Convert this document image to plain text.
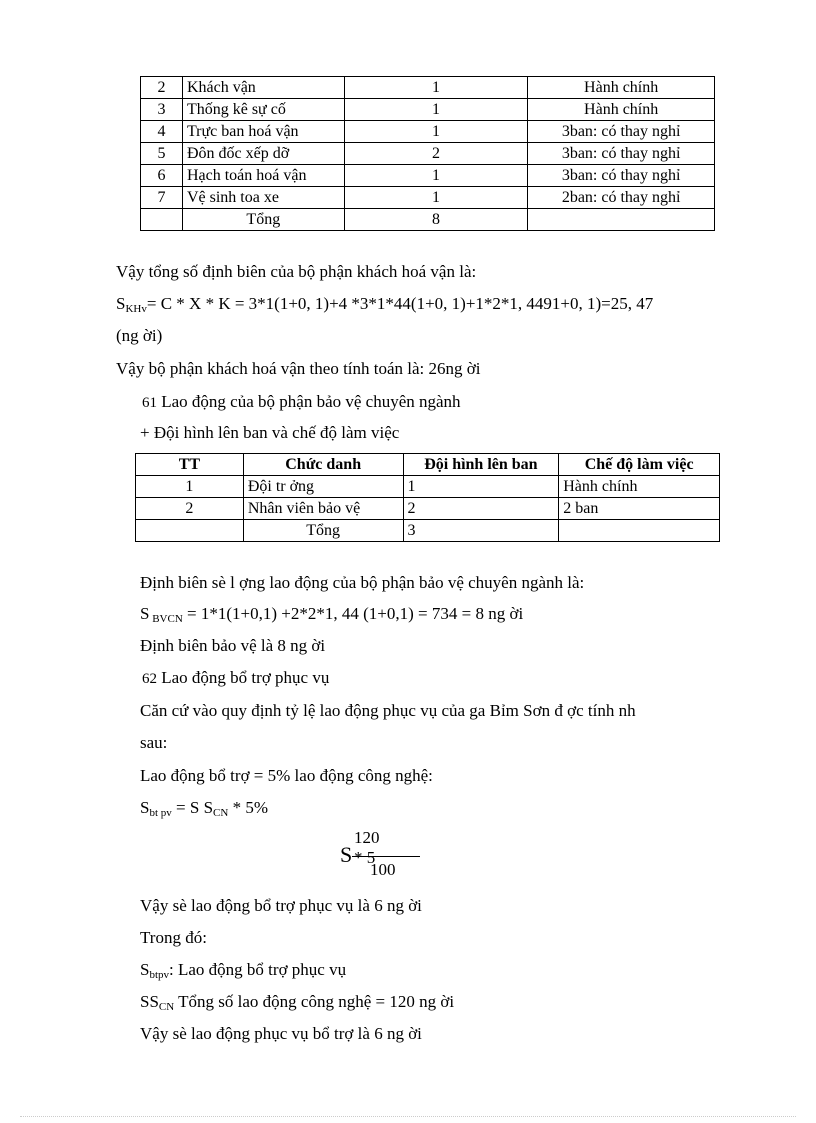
2	Khách vận	1	Hành chính
3	Thống kê sự cố	1	Hành chính
4	Trực ban hoá vận	1	3ban: có thay nghỉ
5	Đôn đốc xếp dỡ	2	3ban: có thay nghỉ
6	Hạch toán hoá vận	1	3ban: có thay nghỉ
7	Vệ sinh toa xe	1	2ban: có thay nghỉ
	Tổng	8	
Vậy tổng số định biên của bộ phận khách hoá vận là:
$S_{KHv}= C * X * K = 3*1(1+0$, 1)+4 *3*1*44(1+0, 1)+1*2*1, 4491+0, 1)=25, 47
(ng ời)
Vậy bộ phận khách hoá vận theo tính toán là: 26ng ời
61 Lao động của bộ phận bảo vệ chuyên ngành
+ Đội hình lên ban và chế độ làm việc
TT	Chức danh	Đội hình lên ban	Chế độ làm việc
1	Đội tr ởng	1	Hành chính
2	Nhân viên bảo vệ	2	2 ban
	Tổng	3	
Định biên sè l ợng lao động của bộ phận bảo vệ chuyên ngành là:
S $_{BVCN}$ = 1*1(1+0,1) +2*2*1, 44 (1+0,1) = 734 = 8 ng ời
Định biên bảo vệ là 8 ng ời
62 Lao động bổ trợ phục vụ
Căn cứ vào quy định tỷ lệ lao động phục vụ của ga Bỉm Sơn đ ợc tính nh
sau:
Lao động bổ trợ = 5% lao động công nghệ:
$S_{bt pv} = S$ $S_{CN} * 5\%$
S
120 * 5
100
Vậy sè lao động bổ trợ phục vụ là 6 ng ời
Trong đó:
$S_{btpv}$: Lao động bổ trợ phục vụ
$SS_{CN}$ Tổng số lao động công nghệ = 120 ng ời
Vậy sè lao động phục vụ bổ trợ là 6 ng ời
